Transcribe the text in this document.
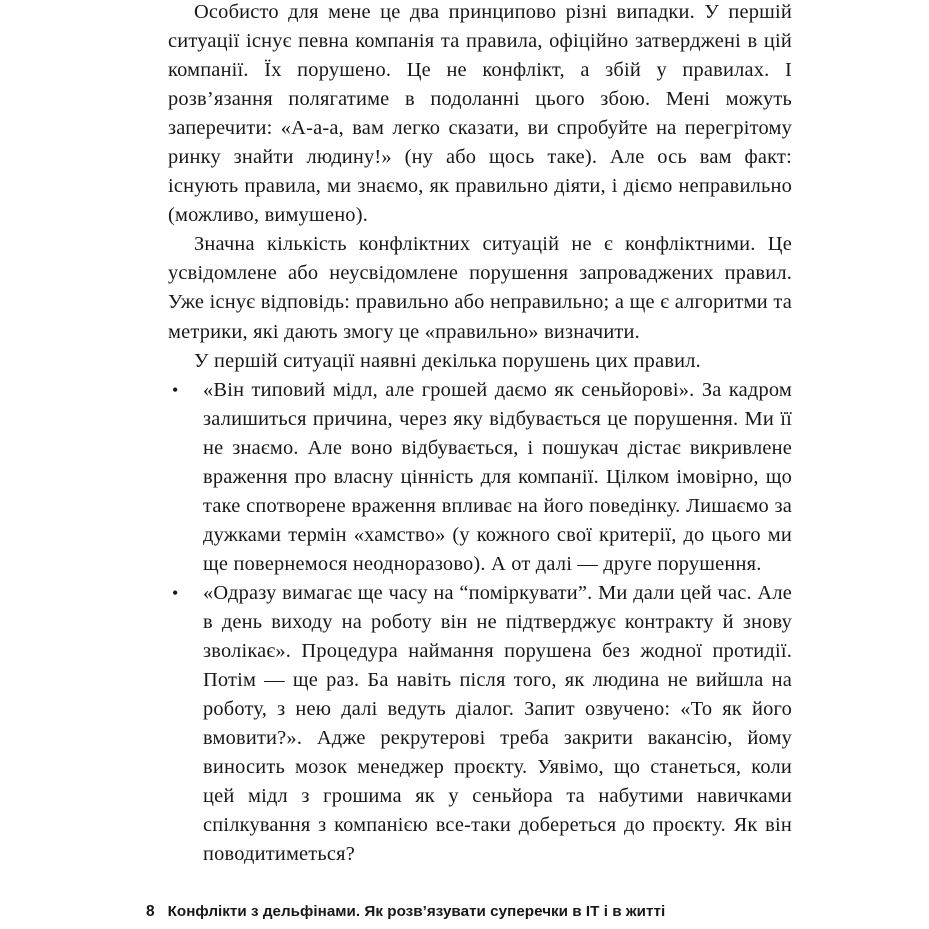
Особисто для мене це два принципово різні випадки. У першій ситуації існує певна компанія та правила, офіційно затверджені в цій компанії. Їх порушено. Це не конфлікт, а збій у правилах. І розв’язання полягатиме в подоланні цього збою. Мені можуть заперечити: «А-а-а, вам легко сказати, ви спробуйте на перегрітому ринку знайти людину!» (ну або щось таке). Але ось вам факт: існують правила, ми знаємо, як правильно діяти, і діємо неправильно (можливо, вимушено).

Значна кількість конфліктних ситуацій не є конфліктними. Це усвідомлене або неусвідомлене порушення запроваджених правил. Уже існує відповідь: правильно або неправильно; а ще є алгоритми та метрики, які дають змогу це «правильно» визначити.

У першій ситуації наявні декілька порушень цих правил.

•	«Він типовий мідл, але грошей даємо як сеньйорові». За кадром залишиться причина, через яку відбувається це порушення. Ми її не знаємо. Але воно відбувається, і пошукач дістає викривлене враження про власну цінність для компанії. Цілком імовірно, що таке спотворене враження впливає на його поведінку. Лишаємо за дужками термін «хамство» (у кожного свої критерії, до цього ми ще повернемося неодноразово). А от далі — друге порушення.
•	«Одразу вимагає ще часу на “поміркувати”. Ми дали цей час. Але в день виходу на роботу він не підтверджує контракту й знову зволікає». Процедура наймання порушена без жодної протидії. Потім — ще раз. Ба навіть після того, як людина не вийшла на роботу, з нею далі ведуть діалог. Запит озвучено: «То як його вмовити?». Адже рекрутерові треба закрити вакансію, йому виносить мозок менеджер проєкту. Уявімо, що станеться, коли цей мідл з грошима як у сеньйора та набутими навичками спілкування з компанією все-таки добереться до проєкту. Як він поводитиметься?
8 Конфлікти з дельфінами. Як розв’язувати суперечки в ІТ і в житті
